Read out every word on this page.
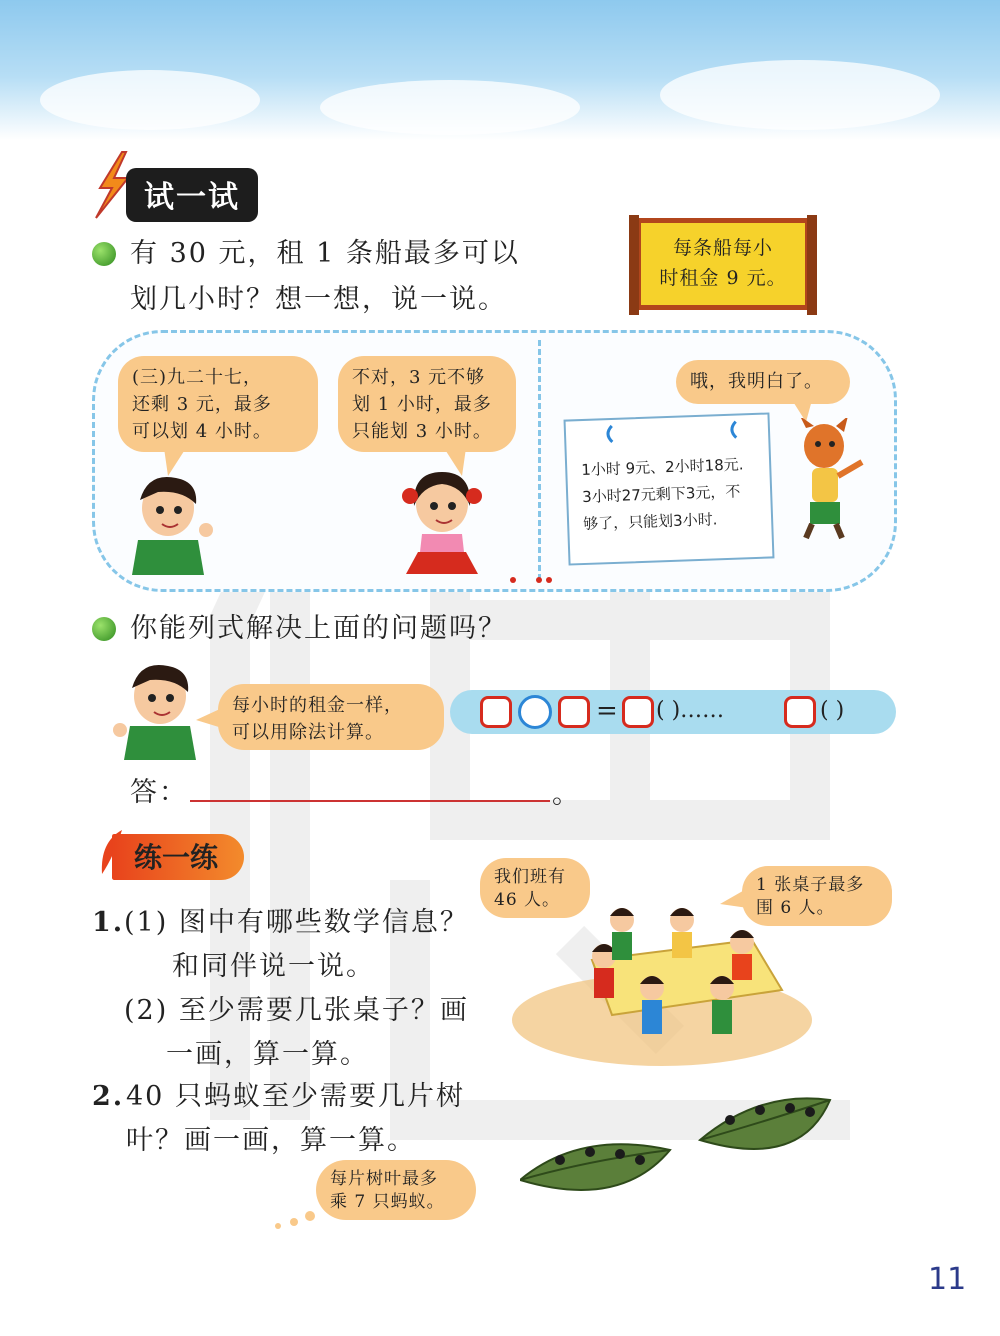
试一试
有 30 元，租 1 条船最多可以
划几小时？想一想，说一说。
每条船每小
时租金 9 元。
(三)九二十七，
还剩 3 元，最多
可以划 4 小时。
不对，3 元不够
划 1 小时，最多
只能划 3 小时。
哦，我明白了。
1小时 9元、2小时18元.
3小时27元剩下3元，不
够了，只能划3小时.
你能列式解决上面的问题吗？
每小时的租金一样，
可以用除法计算。
= ( )……	( )
答：	。
练一练
1. (1) 图中有哪些数学信息？
和同伴说一说。
(2) 至少需要几张桌子？画
一画，算一算。
2. 40 只蚂蚁至少需要几片树
叶？画一画，算一算。
我们班有
46 人。
1 张桌子最多
围 6 人。
每片树叶最多
乘 7 只蚂蚁。
11
